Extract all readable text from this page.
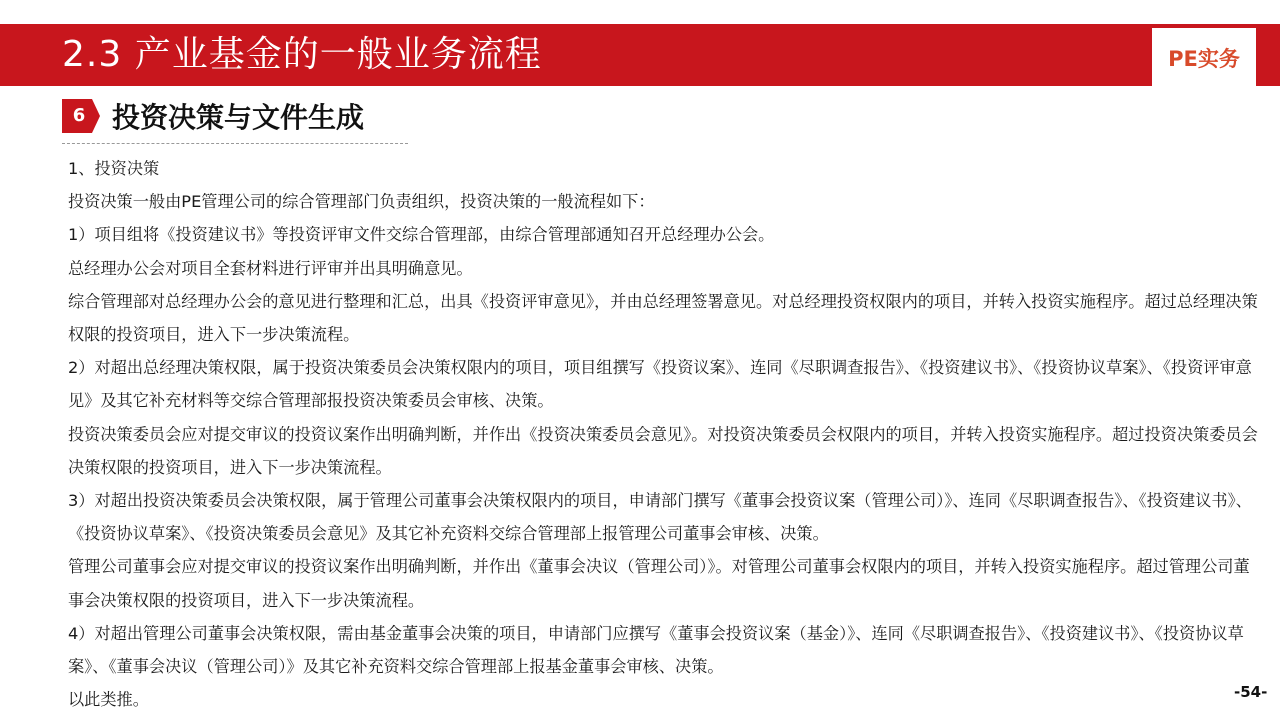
2.3 产业基金的一般业务流程	PE实务
6 投资决策与文件生成

1、投资决策

投资决策一般由PE管理公司的综合管理部门负责组织，投资决策的一般流程如下：

1）项目组将《投资建议书》等投资评审文件交综合管理部，由综合管理部通知召开总经理办公会。

总经理办公会对项目全套材料进行评审并出具明确意见。

综合管理部对总经理办公会的意见进行整理和汇总，出具《投资评审意见》，并由总经理签署意见。对总经理投资权限内的项目，并转入投资实施程序。超过总经理决策权限的投资项目，进入下一步决策流程。

2）对超出总经理决策权限，属于投资决策委员会决策权限内的项目，项目组撰写《投资议案》、连同《尽职调查报告》、《投资建议书》、《投资协议草案》、《投资评审意见》及其它补充材料等交综合管理部报投资决策委员会审核、决策。

投资决策委员会应对提交审议的投资议案作出明确判断，并作出《投资决策委员会意见》。对投资决策委员会权限内的项目，并转入投资实施程序。超过投资决策委员会决策权限的投资项目，进入下一步决策流程。

3）对超出投资决策委员会决策权限，属于管理公司董事会决策权限内的项目，申请部门撰写《董事会投资议案（管理公司）》、连同《尽职调查报告》、《投资建议书》、《投资协议草案》、《投资决策委员会意见》及其它补充资料交综合管理部上报管理公司董事会审核、决策。

管理公司董事会应对提交审议的投资议案作出明确判断，并作出《董事会决议（管理公司）》。对管理公司董事会权限内的项目，并转入投资实施程序。超过管理公司董事会决策权限的投资项目，进入下一步决策流程。

4）对超出管理公司董事会决策权限，需由基金董事会决策的项目，申请部门应撰写《董事会投资议案（基金）》、连同《尽职调查报告》、《投资建议书》、《投资协议草案》、《董事会决议（管理公司）》及其它补充资料交综合管理部上报基金董事会审核、决策。

以此类推。	-54-
